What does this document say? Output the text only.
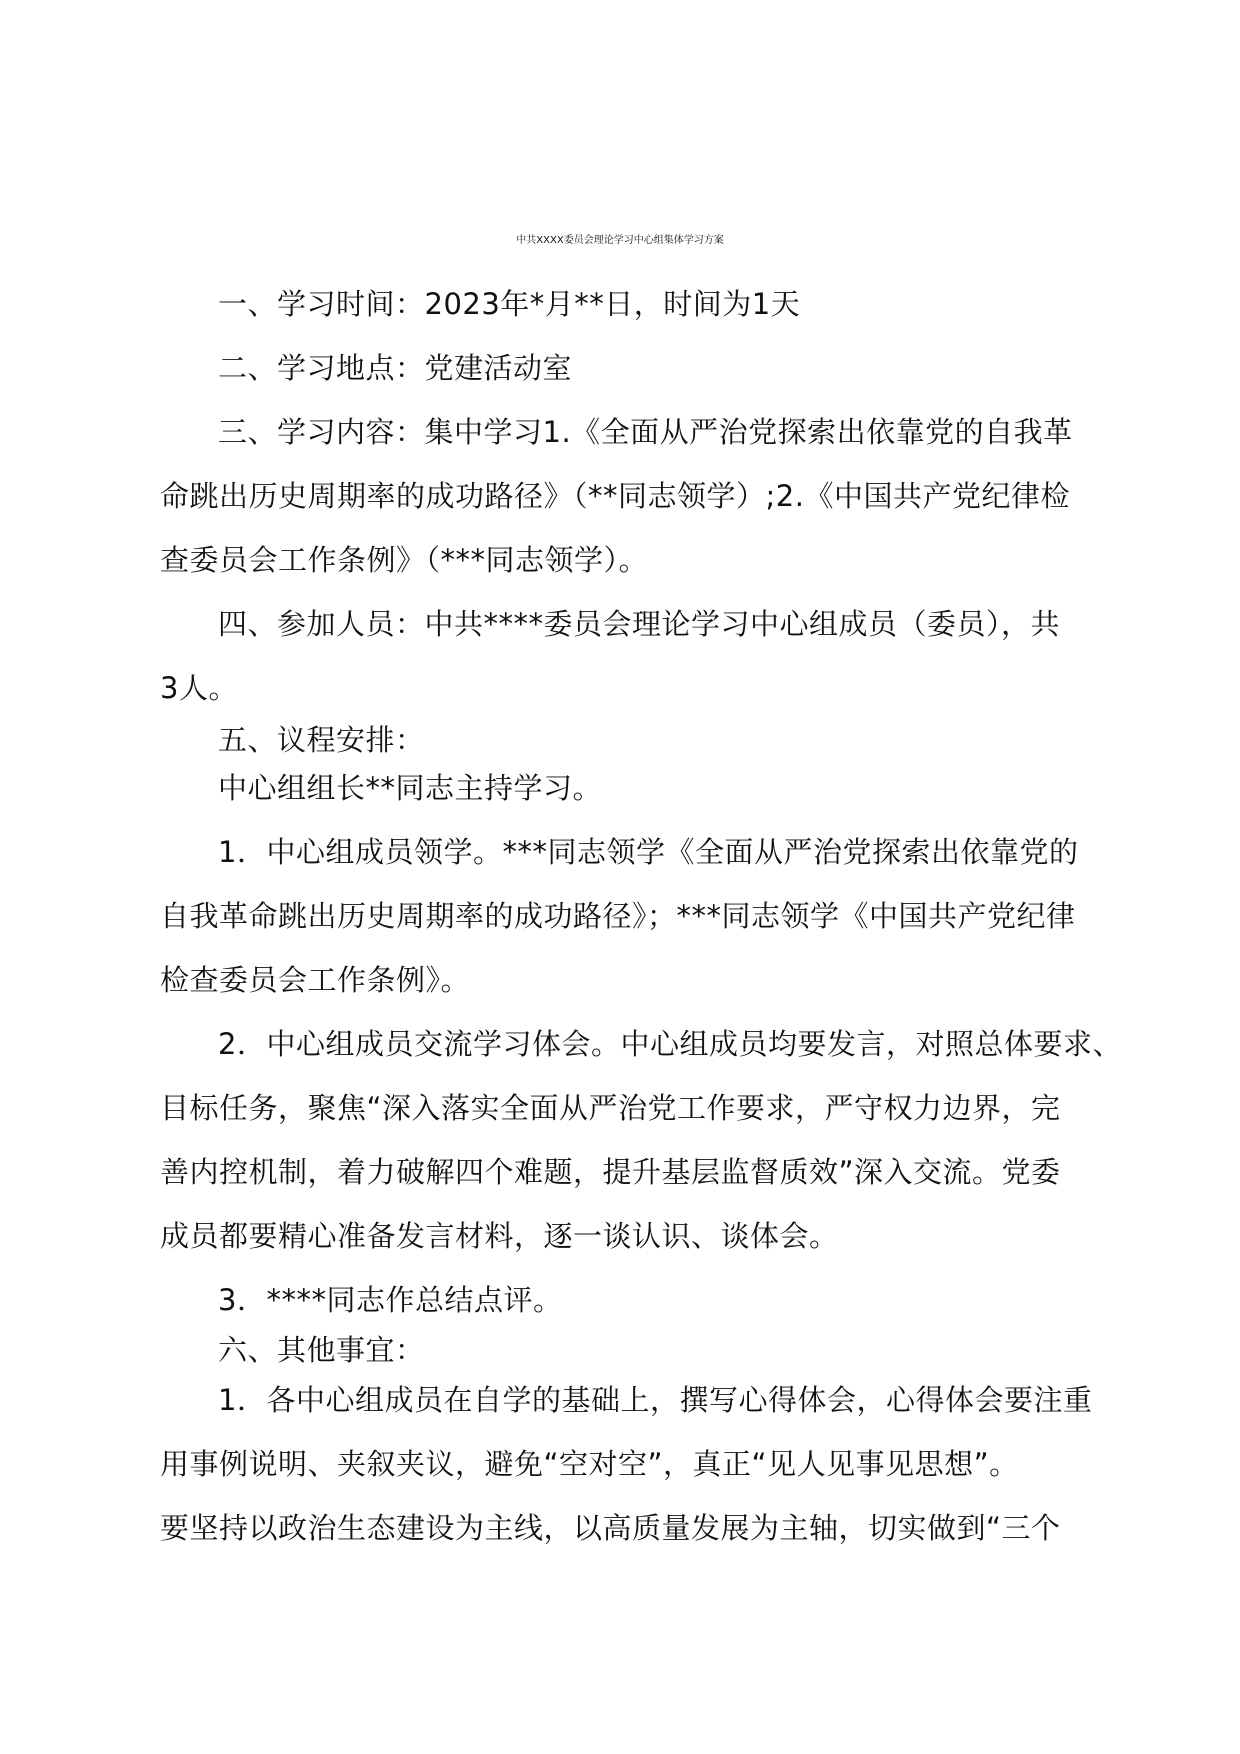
中共XXXX委员会理论学习中心组集体学习方案
一、学习时间：2023年*月**日，时间为1天
二、学习地点：党建活动室
三、学习内容：集中学习1.《全面从严治党探索出依靠党的自我革
命跳出历史周期率的成功路径》（**同志领学）;2.《中国共产党纪律检
查委员会工作条例》（***同志领学）。
四、参加人员：中共****委员会理论学习中心组成员（委员），共
3人。
五、议程安排：
中心组组长**同志主持学习。
1．中心组成员领学。***同志领学《全面从严治党探索出依靠党的
自我革命跳出历史周期率的成功路径》；***同志领学《中国共产党纪律
检查委员会工作条例》。
2．中心组成员交流学习体会。中心组成员均要发言，对照总体要求、
目标任务，聚焦“深入落实全面从严治党工作要求，严守权力边界，完
善内控机制，着力破解四个难题，提升基层监督质效”深入交流。党委
成员都要精心准备发言材料，逐一谈认识、谈体会。
3．****同志作总结点评。
六、其他事宜：
1．各中心组成员在自学的基础上，撰写心得体会，心得体会要注重
用事例说明、夹叙夹议，避免“空对空”，真正“见人见事见思想”。
要坚持以政治生态建设为主线，以高质量发展为主轴，切实做到“三个
